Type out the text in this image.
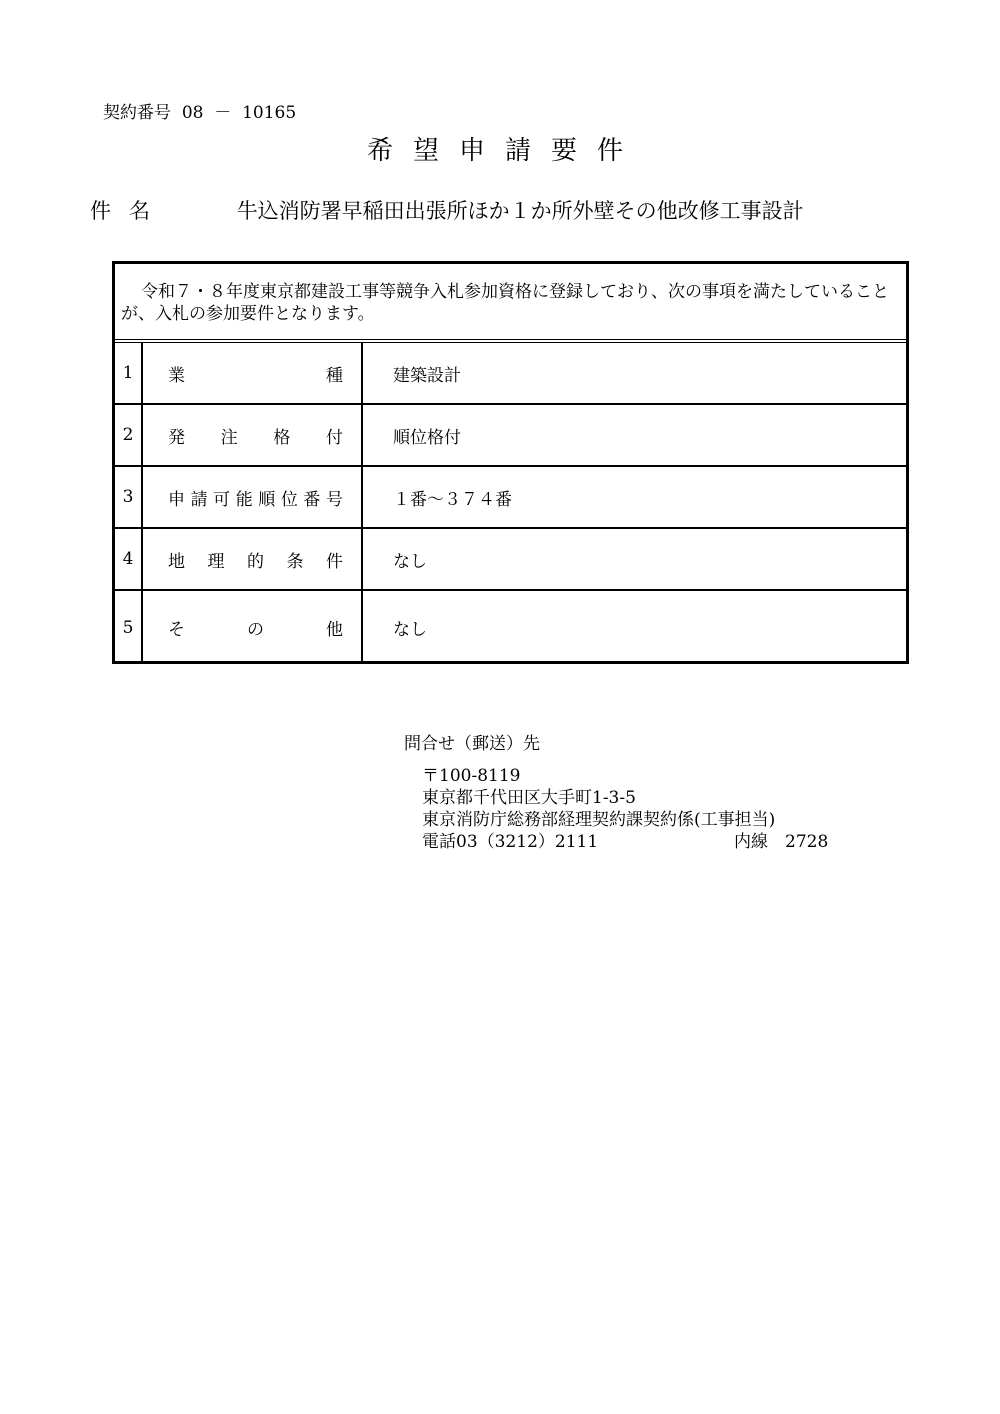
契約番号 08 － 10165
希望申請要件
件名	牛込消防署早稲田出張所ほか１か所外壁その他改修工事設計
令和７・８年度東京都建設工事等競争入札参加資格に登録しており、次の事項を満たしていることが、入札の参加要件となります。
1	業種	建築設計
2	発注格付	順位格付
3	申請可能順位番号	１番～３７４番
4	地理的条件	なし
5	その他	なし
問合せ（郵送）先
〒100-8119
東京都千代田区大手町1-3-5
東京消防庁総務部経理契約課契約係(工事担当)
電話03（3212）2111	内線　2728
